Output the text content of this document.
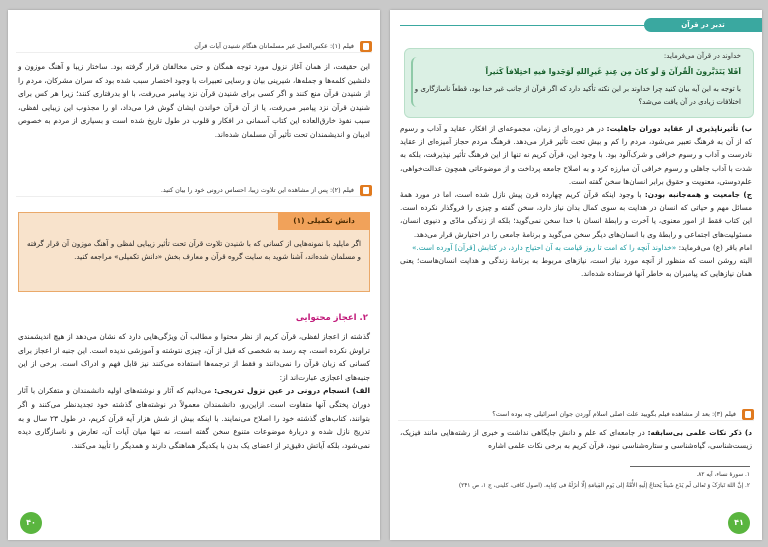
فیلم (۱): عکس‌العمل غیر مسلمانان هنگام شنیدن آیات قرآن

این حقیقت، از همان آغاز نزول مورد توجه همگان و حتی مخالفان قرار گرفته بود. ساختار زیبا و آهنگ موزون و دلنشین کلمه‌ها و جمله‌ها، شیرینی بیان و رسایی تعبیرات با وجود اختصار سبب شده بود که سران مشرکان، مردم را از شنیدن قرآن منع کنند و اگر کسی برای شنیدن قرآن نزد پیامبر می‌رفت، با او بدرفتاری کنند؛ زیرا هر کس برای شنیدن قرآن نزد پیامبر می‌رفت، یا از آن قرآن خواندن ایشان گوش فرا می‌داد، او را مجذوب این زیبایی لفظی، سبب نفوذ خارق‌العاده این کتاب آسمانی در افکار و قلوب در طول تاریخ شده است و بسیاری از مردم به خصوص ادیبان و اندیشمندان تحت تأثیر آن مسلمان شده‌اند.

فیلم (۲): پس از مشاهده این تلاوت زیبا، احساس درونی خود را بیان کنید.
دانش تکمیلی (۱)
اگر مایلید با نمونه‌هایی از کسانی که با شنیدن تلاوت قرآن تحت تأثیر زیبایی لفظی و آهنگ موزون آن قرار گرفته و مسلمان شده‌اند، آشنا شوید به سایت گروه قرآن و معارف بخش «دانش تکمیلی» مراجعه کنید.
۲. اعجاز محتوایی

گذشته از اعجاز لفظی، قرآن کریم از نظر محتوا و مطالب آن ویژگی‌هایی دارد که نشان می‌دهد از هیچ اندیشمندی تراوش نکرده است، چه رسد به شخصی که قبل از آن، چیزی نتوشته و آموزشی ندیده است. این جنبه از اعجاز برای کسانی که زبان قرآن را نمی‌دانند و فقط از ترجمه‌ها استفاده می‌کنند نیز قابل فهم و ادراک است. برخی از این جنبه‌های اعجازی عبارت‌اند از:

الف) انسجام درونی در عین نزول تدریجی: می‌دانیم که آثار و نوشته‌های اولیه دانشمندان و متفکران با آثار دوران پختگی آنها متفاوت است. ازاین‌رو، دانشمندان معمولاً در نوشته‌های گذشته خود تجدیدنظر می‌کنند و اگر بتوانند، کتاب‌های گذشته خود را اصلاح می‌نمایند. با اینکه بیش از شش هزار آیه قرآن کریم، در طول ۲۳ سال و به تدریج نازل شده و دربارهٔ موضوعات متنوع سخن گفته است، نه تنها میان آیات آن، تعارض و ناسازگاری دیده نمی‌شود، بلکه آیاتش دقیق‌تر از اعضای یک بدن با یکدیگر هماهنگی دارند و همدیگر را تأیید می‌کنند.

۴۰
تدبر در قرآن
خداوند در قرآن می‌فرماید:
اَفَلا یَتَدَبَّرونَ الْقُرآنَ وَ لَو کانَ مِن عِندِ غَیرِاللهِ لَوَجَدوا فیهِ اختِلافاً کَثیراً
با توجه به این آیه بیان کنید چرا خداوند بر این نکته تأکید دارد که اگر قرآن از جانب غیر خدا بود، قطعاً ناسازگاری و اختلافات زیادی در آن یافت می‌شد؟

ب) تأثیرناپذیری از عقاید دوران جاهلیت: در هر دوره‌ای از زمان، مجموعه‌ای از افکار، عقاید و آداب و رسوم که از آن به فرهنگ تعبیر می‌شود، مردم را کم و بیش تحت تأثیر قرار می‌دهد. فرهنگ مردم حجاز آمیزه‌ای از عقاید نادرست و آداب و رسوم خرافی و شرک‌آلود بود. با وجود این، قرآن کریم نه تنها از این فرهنگ تأثیر نپذیرفت، بلکه به شدت با آداب جاهلی و رسوم خرافی آن مبارزه کرد و به اصلاح جامعه پرداخت و از موضوعاتی همچون عدالت‌خواهی، علم‌دوستی، معنویت و حقوق برابر انسان‌ها سخن گفته است.

ج) جامعیت و همه‌جانبه بودن: با وجود اینکه قرآن کریم چهارده قرن پیش نازل شده است، اما در مورد همهٔ مسائل مهم و حیاتی که انسان در هدایت به سوی کمال بدان نیاز دارد، سخن گفته و چیزی را فروگذار نکرده است. این کتاب فقط از امور معنوی، یا آخرت و رابطهٔ انسان با خدا سخن نمی‌گوید؛ بلکه از زندگی مادّی و دنیوی انسان، مسئولیت‌های اجتماعی و رابطهٔ وی با انسان‌های دیگر سخن می‌گوید و برنامهٔ جامعی را در اختیارش قرار می‌دهد.

امام باقر (ع) می‌فرماید: «خداوند آنچه را که امت تا روز قیامت به آن احتیاج دارد، در کتابش [قرآن] آورده است.»

البته روشن است که منظور از آنچه مورد نیاز است، نیازهای مربوط به برنامهٔ زندگی و هدایت انسان‌هاست؛ یعنی همان نیازهایی که پیامبران به خاطر آنها فرستاده شده‌اند.

فیلم (۳): بعد از مشاهده فیلم بگویید علت اصلی اسلام آوردن جوان اسرائیلی چه بوده است؟

د) ذکر نکات علمی بی‌سابقه: در جامعه‌ای که علم و دانش جایگاهی نداشت و خبری از رشته‌هایی مانند فیزیک، زیست‌شناسی، گیاه‌شناسی و ستاره‌شناسی نبود، قرآن کریم به برخی نکات علمی اشاره

۱. سورهٔ نساء، آیه ۸۲.
۲. إنَّ اللهَ تَبارَکَ وَ تَعالی لَم یَدَع شَیئاً یَحتاجُ إلَیهِ الأُمَّةُ إلی یَومِ القِیامَةِ إلّا أنزَلَهُ فی کِتابِه. (اصول کافی، کلینی، ج ۱، ص ۲۴۱)
۴۱
